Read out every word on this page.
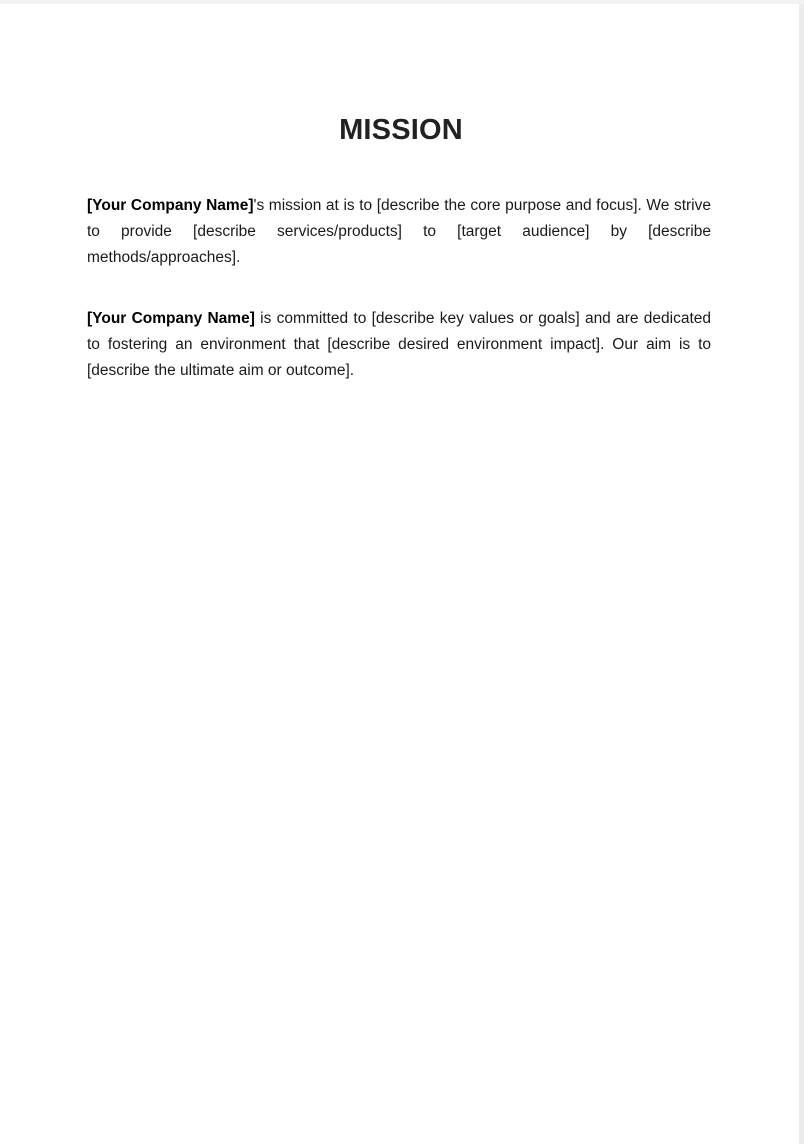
MISSION

[Your Company Name]'s mission at is to [describe the core purpose and focus]. We strive to provide [describe services/products] to [target audience] by [describe methods/approaches].

[Your Company Name] is committed to [describe key values or goals] and are dedicated to fostering an environment that [describe desired environment impact]. Our aim is to [describe the ultimate aim or outcome].
